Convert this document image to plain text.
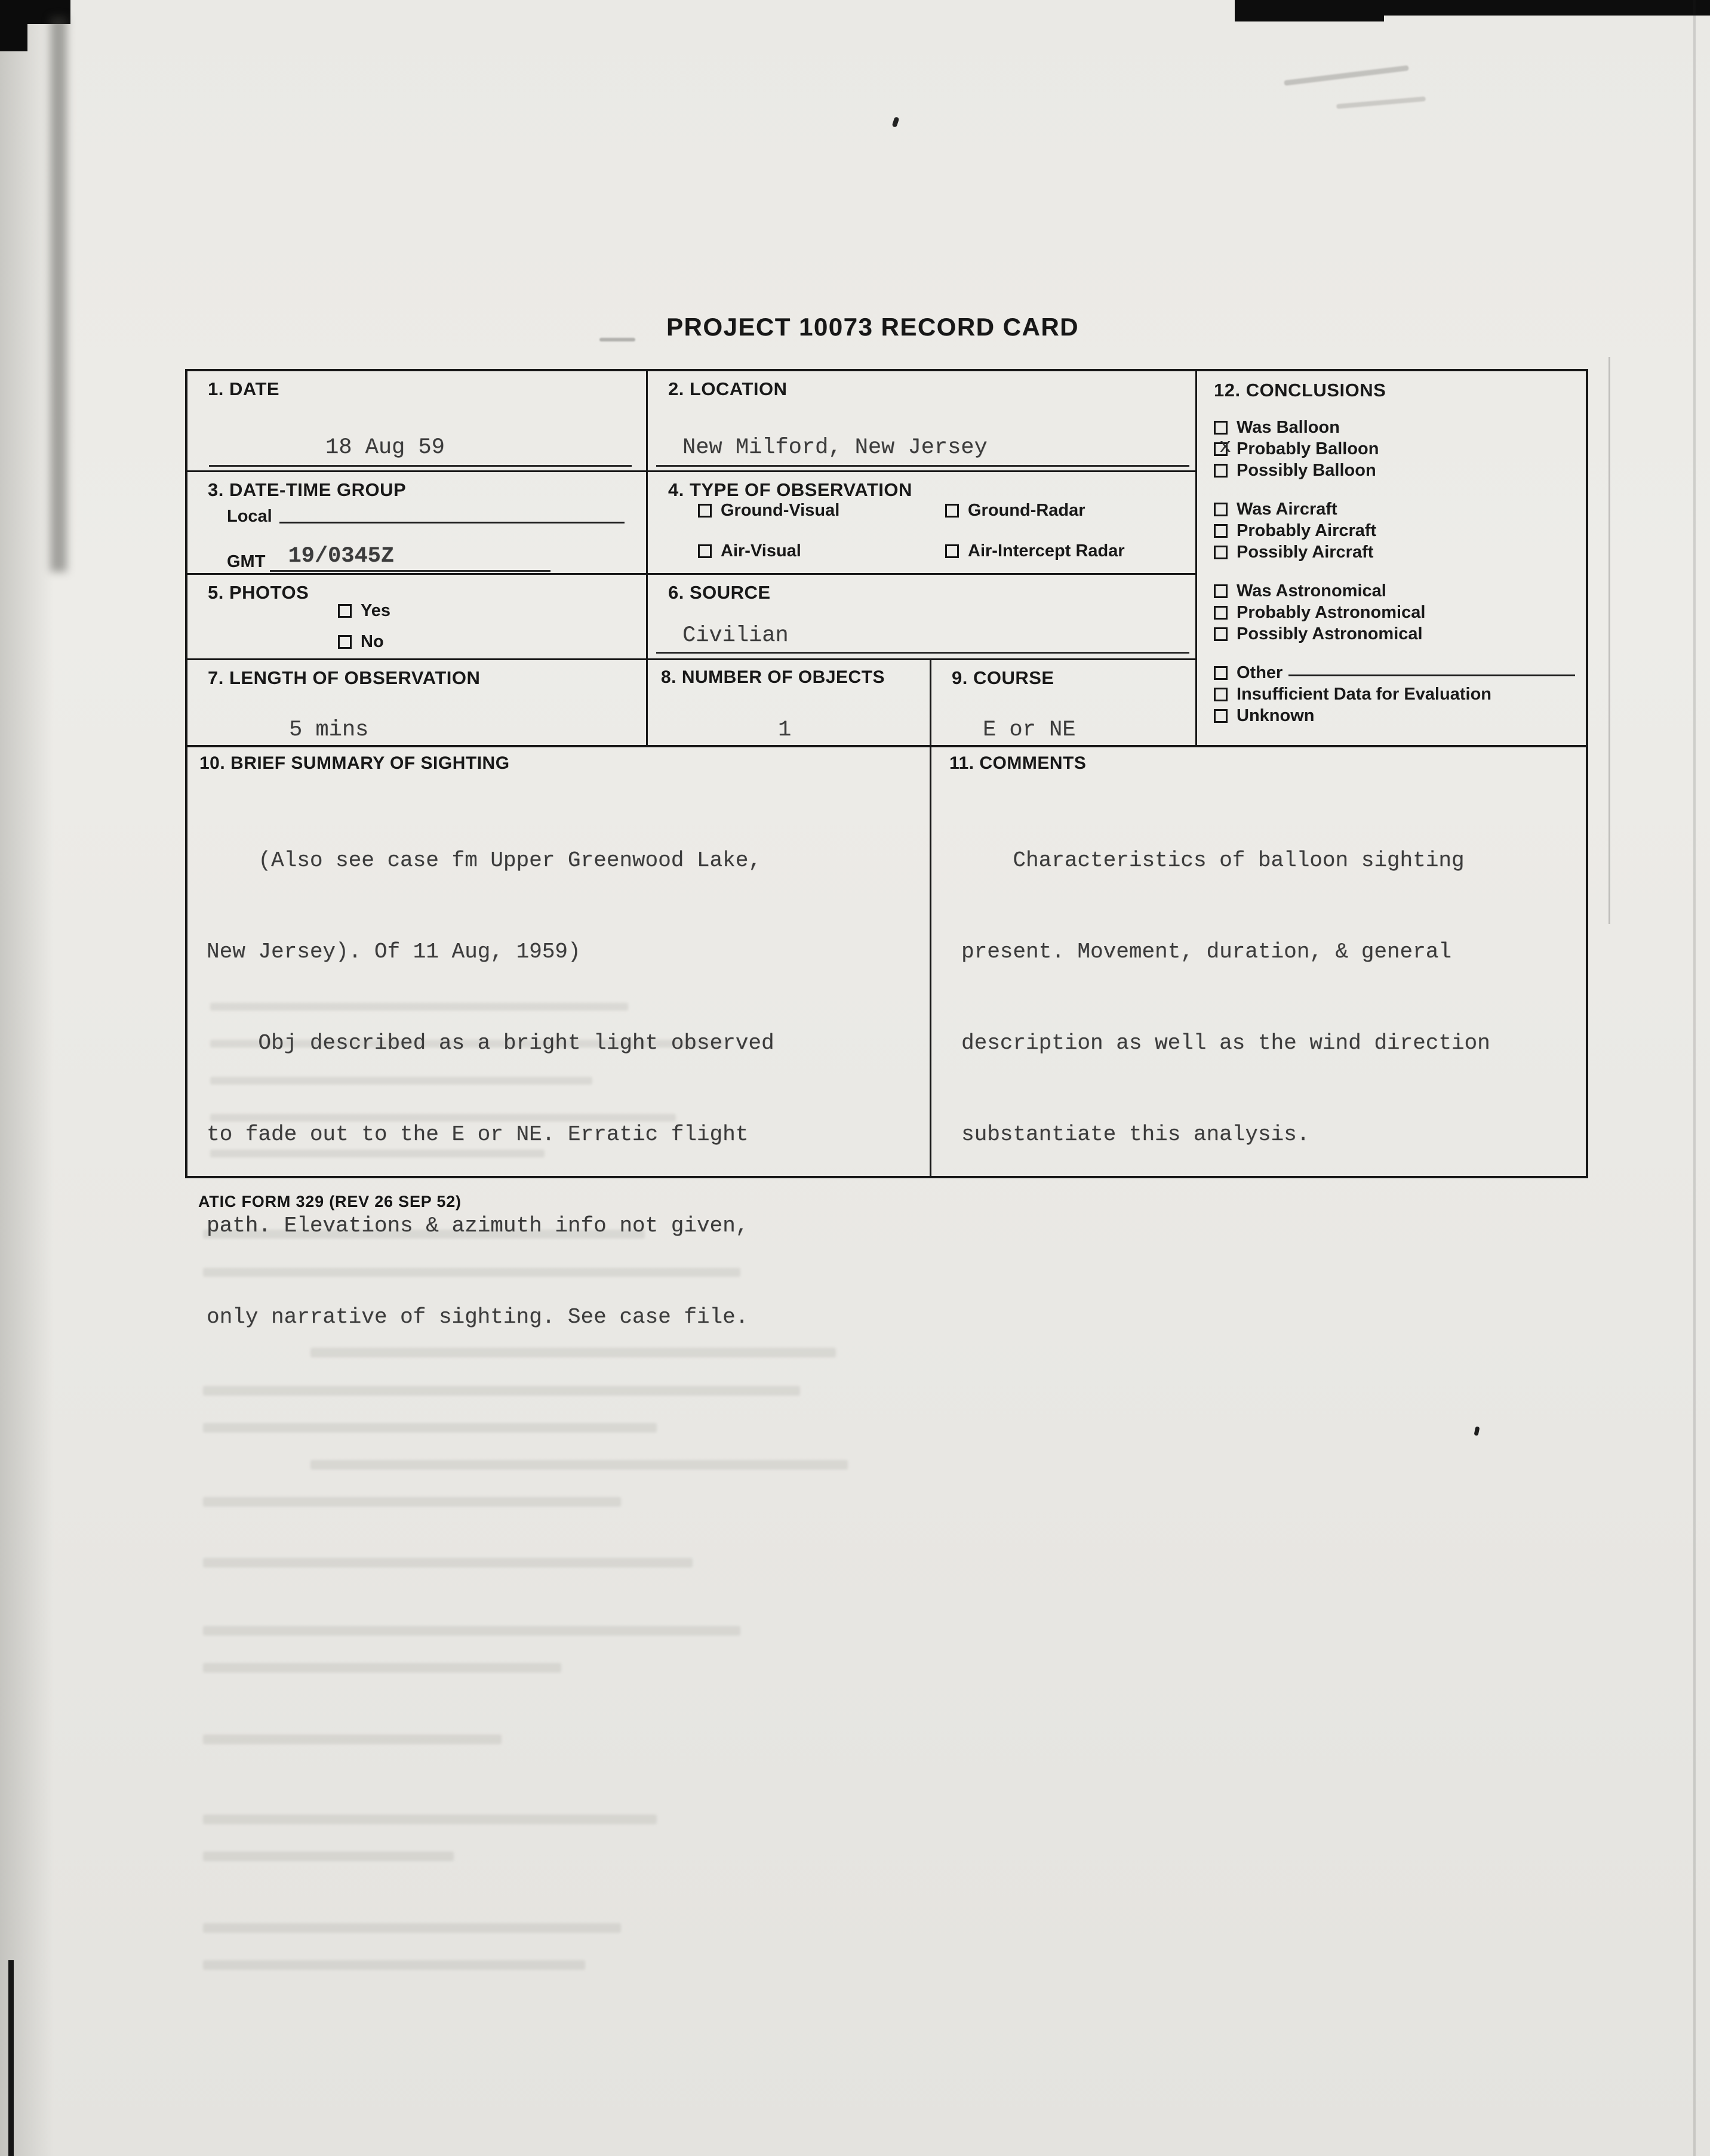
PROJECT 10073 RECORD CARD
1. DATE
18 Aug 59
2. LOCATION
New Milford, New Jersey
3. DATE-TIME GROUP
Local
GMT	19/0345Z
4. TYPE OF OBSERVATION
Ground-Visual	Ground-Radar
Air-Visual	Air-Intercept Radar
5. PHOTOS
Yes
No
6. SOURCE
Civilian
7. LENGTH OF OBSERVATION
5 mins
8. NUMBER OF OBJECTS
1
9. COURSE
E or NE
10. BRIEF SUMMARY OF SIGHTING

(Also see case fm Upper Greenwood Lake,

New Jersey). Of 11 Aug, 1959)

Obj described as a bright light observed

to fade out to the E or NE. Erratic flight

path. Elevations & azimuth info not given,

only narrative of sighting. See case file.

11. COMMENTS

Characteristics of balloon sighting

present. Movement, duration, & general

description as well as the wind direction

substantiate this analysis.

12. CONCLUSIONS
Was Balloon
x
Probably Balloon
Possibly Balloon
Was Aircraft
Probably Aircraft
Possibly Aircraft
Was Astronomical
Probably Astronomical
Possibly Astronomical
Other
Insufficient Data for Evaluation
Unknown
ATIC FORM 329 (REV 26 SEP 52)
